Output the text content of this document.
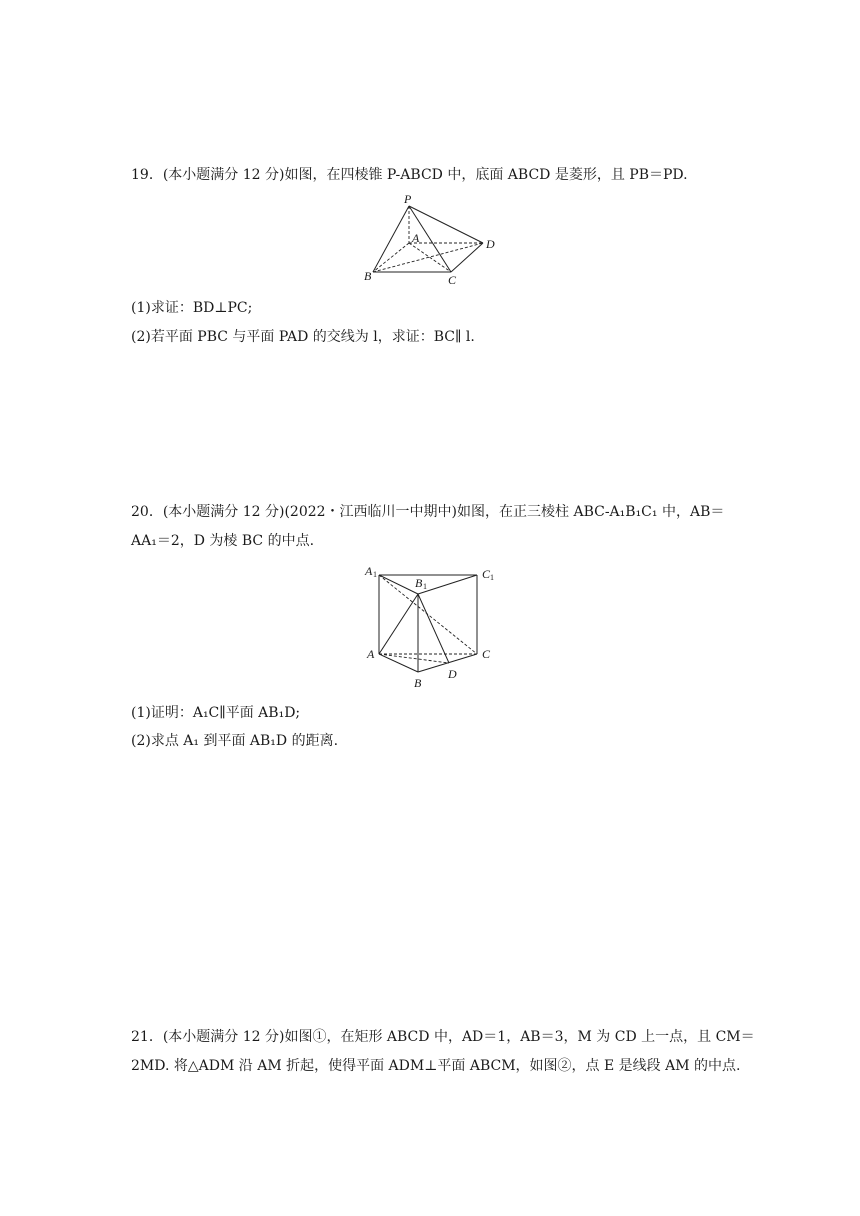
19．(本小题满分 12 分)如图，在四棱锥 P-ABCD 中，底面 ABCD 是菱形，且 PB＝PD.
P
A
B	C
D
(1)求证：BD⊥PC;
(2)若平面 PBC 与平面 PAD 的交线为 l，求证：BC∥ l.
20．(本小题满分 12 分)(2022・江西临川一中期中)如图，在正三棱柱 ABC-A₁B₁C₁ 中，AB＝
AA₁＝2，D 为棱 BC 的中点.
A 1
B 1
C 1
A
B
C
D
(1)证明：A₁C∥平面 AB₁D;
(2)求点 A₁ 到平面 AB₁D 的距离.
21．(本小题满分 12 分)如图①，在矩形 ABCD 中，AD＝1，AB＝3，M 为 CD 上一点，且 CM＝
2MD. 将△ADM 沿 AM 折起，使得平面 ADM⊥平面 ABCM，如图②，点 E 是线段 AM 的中点.
